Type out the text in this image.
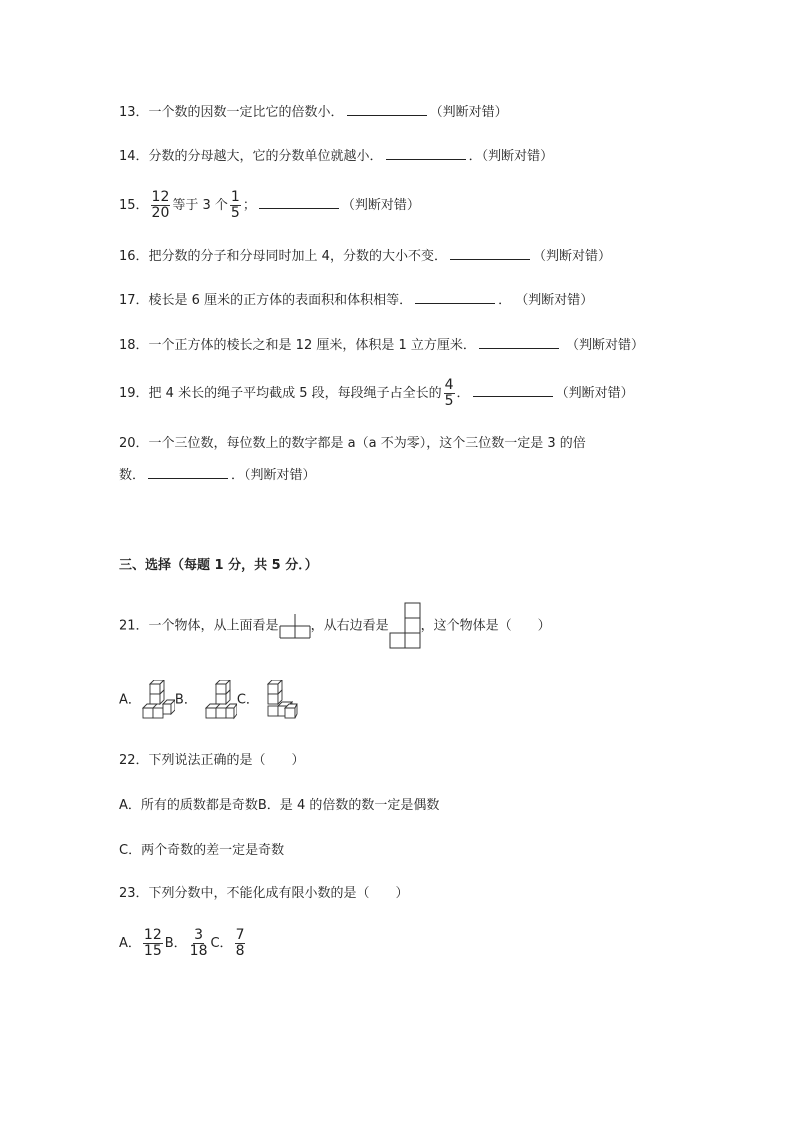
13．一个数的因数一定比它的倍数小．	（判断对错）
14．分数的分母越大，它的分数单位就越小．	．（判断对错）
15． $\frac{12}{20}$ 等于 3 个 $\frac{1}{5}$ ；	（判断对错）
16．把分数的分子和分母同时加上 4，分数的大小不变．	（判断对错）
17．棱长是 6 厘米的正方体的表面积和体积相等．	． （判断对错）
18．一个正方体的棱长之和是 12 厘米，体积是 1 立方厘米．	（判断对错）
19．把 4 米长的绳子平均截成 5 段，每段绳子占全长的 $\frac{4}{5}$ ．	（判断对错）
20．一个三位数，每位数上的数字都是 a（a 不为零），这个三位数一定是 3 的倍
数．	．（判断对错）
三、选择（每题 1 分，共 5 分．）
21．一个物体，从上面看是 ，从右边看是 ，这个物体是（　　）
A．	B．	C．
22．下列说法正确的是（　　）
A．所有的质数都是奇数B．是 4 的倍数的数一定是偶数
C．两个奇数的差一定是奇数
23．下列分数中，不能化成有限小数的是（　　）
A． $\frac{12}{15}$ B． $\frac{3}{18}$ C． $\frac{7}{8}$
